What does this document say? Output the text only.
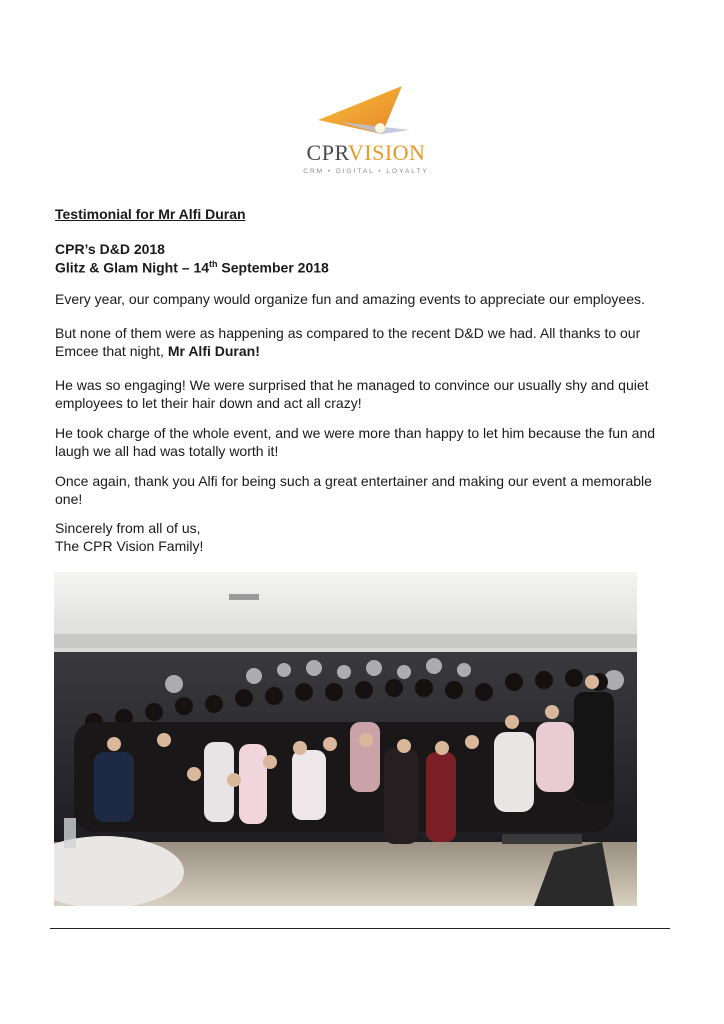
CPRVISION
CRM • DIGITAL • LOYALTY
Testimonial for Mr Alfi Duran
CPR’s D&D 2018
Glitz & Glam Night – 14th September 2018
Every year, our company would organize fun and amazing events to appreciate our employees.
But none of them were as happening as compared to the recent D&D we had. All thanks to our Emcee that night, Mr Alfi Duran!
He was so engaging! We were surprised that he managed to convince our usually shy and quiet employees to let their hair down and act all crazy!
He took charge of the whole event, and we were more than happy to let him because the fun and laugh we all had was totally worth it!
Once again, thank you Alfi for being such a great entertainer and making our event a memorable one!
Sincerely from all of us,
The CPR Vision Family!
